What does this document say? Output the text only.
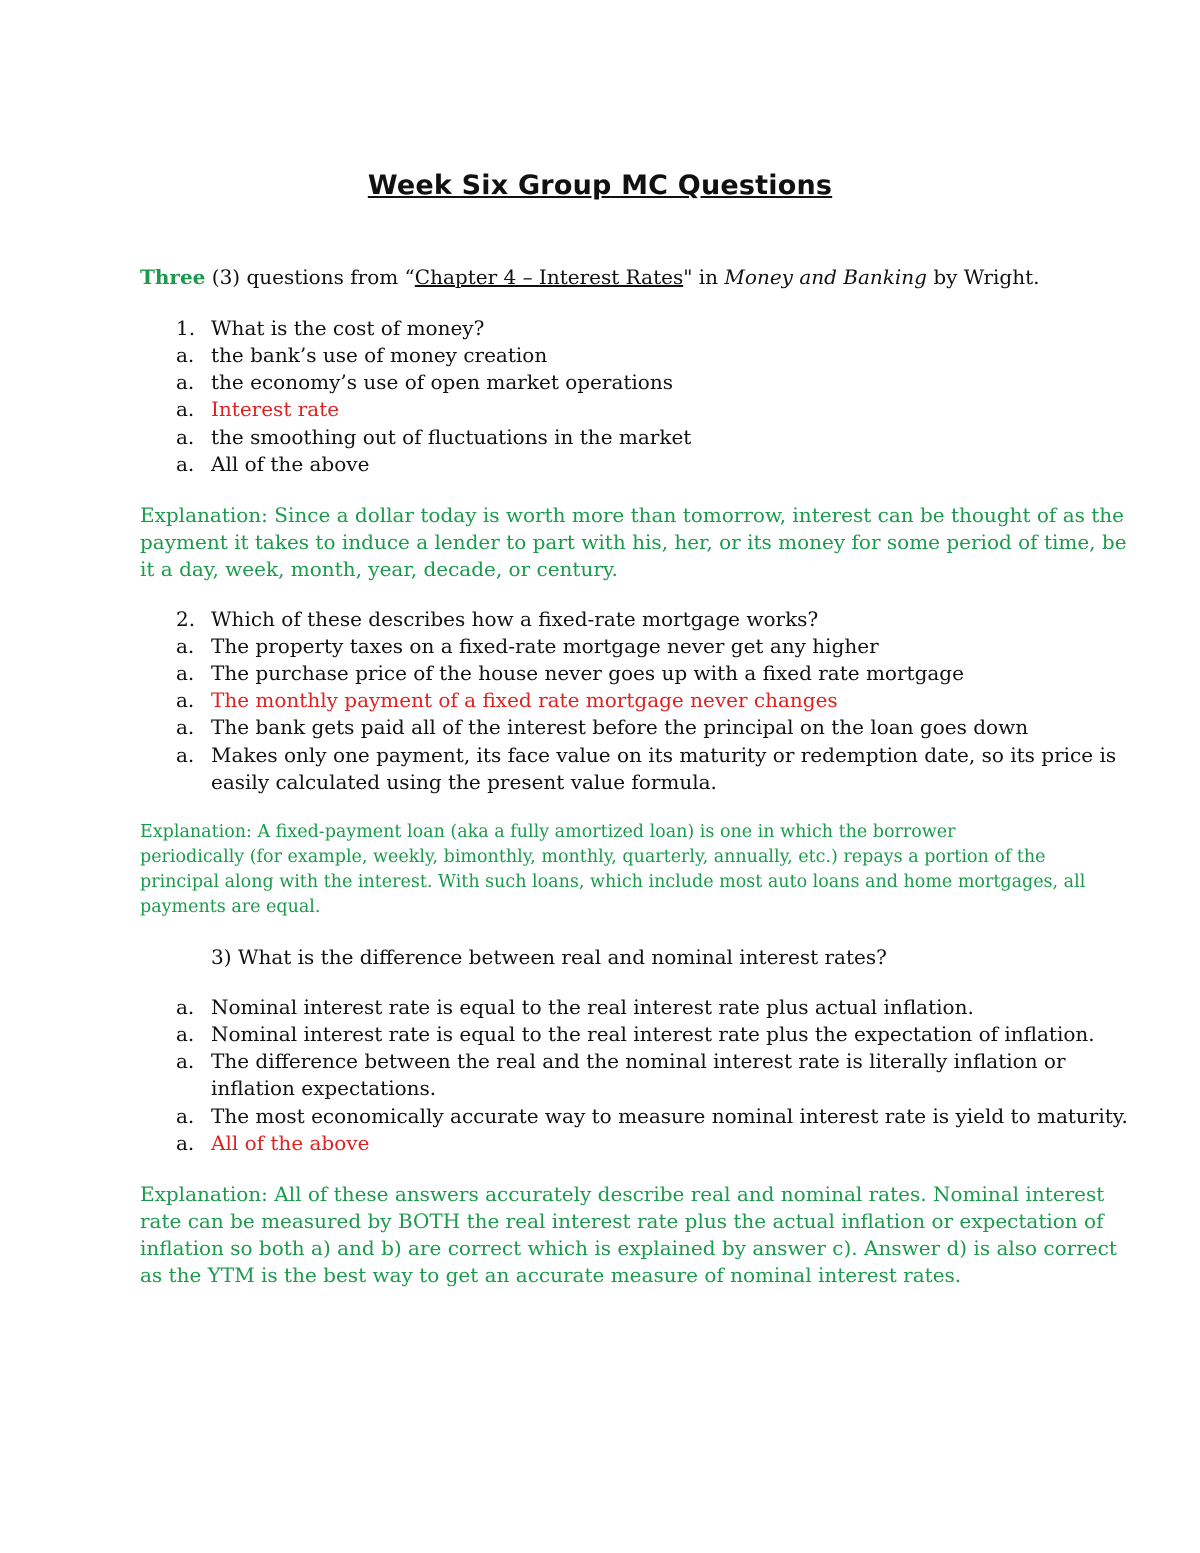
Week Six Group MC Questions
Three (3) questions from “Chapter 4 – Interest Rates" in Money and Banking by Wright.
1. What is the cost of money?
a. the bank’s use of money creation
a. the economy’s use of open market operations
a. Interest rate
a. the smoothing out of fluctuations in the market
a. All of the above
Explanation: Since a dollar today is worth more than tomorrow, interest can be thought of as the
payment it takes to induce a lender to part with his, her, or its money for some period of time, be
it a day, week, month, year, decade, or century.
2. Which of these describes how a fixed-rate mortgage works?
a. The property taxes on a fixed-rate mortgage never get any higher
a. The purchase price of the house never goes up with a fixed rate mortgage
a. The monthly payment of a fixed rate mortgage never changes
a. The bank gets paid all of the interest before the principal on the loan goes down
a. Makes only one payment, its face value on its maturity or redemption date, so its price is
easily calculated using the present value formula.
Explanation: A fixed-payment loan (aka a fully amortized loan) is one in which the borrower
periodically (for example, weekly, bimonthly, monthly, quarterly, annually, etc.) repays a portion of the
principal along with the interest. With such loans, which include most auto loans and home mortgages, all
payments are equal.
3) What is the difference between real and nominal interest rates?
a. Nominal interest rate is equal to the real interest rate plus actual inflation.
a. Nominal interest rate is equal to the real interest rate plus the expectation of inflation.
a. The difference between the real and the nominal interest rate is literally inflation or
inflation expectations.
a. The most economically accurate way to measure nominal interest rate is yield to maturity.
a. All of the above
Explanation: All of these answers accurately describe real and nominal rates. Nominal interest
rate can be measured by BOTH the real interest rate plus the actual inflation or expectation of
inflation so both a) and b) are correct which is explained by answer c). Answer d) is also correct
as the YTM is the best way to get an accurate measure of nominal interest rates.
